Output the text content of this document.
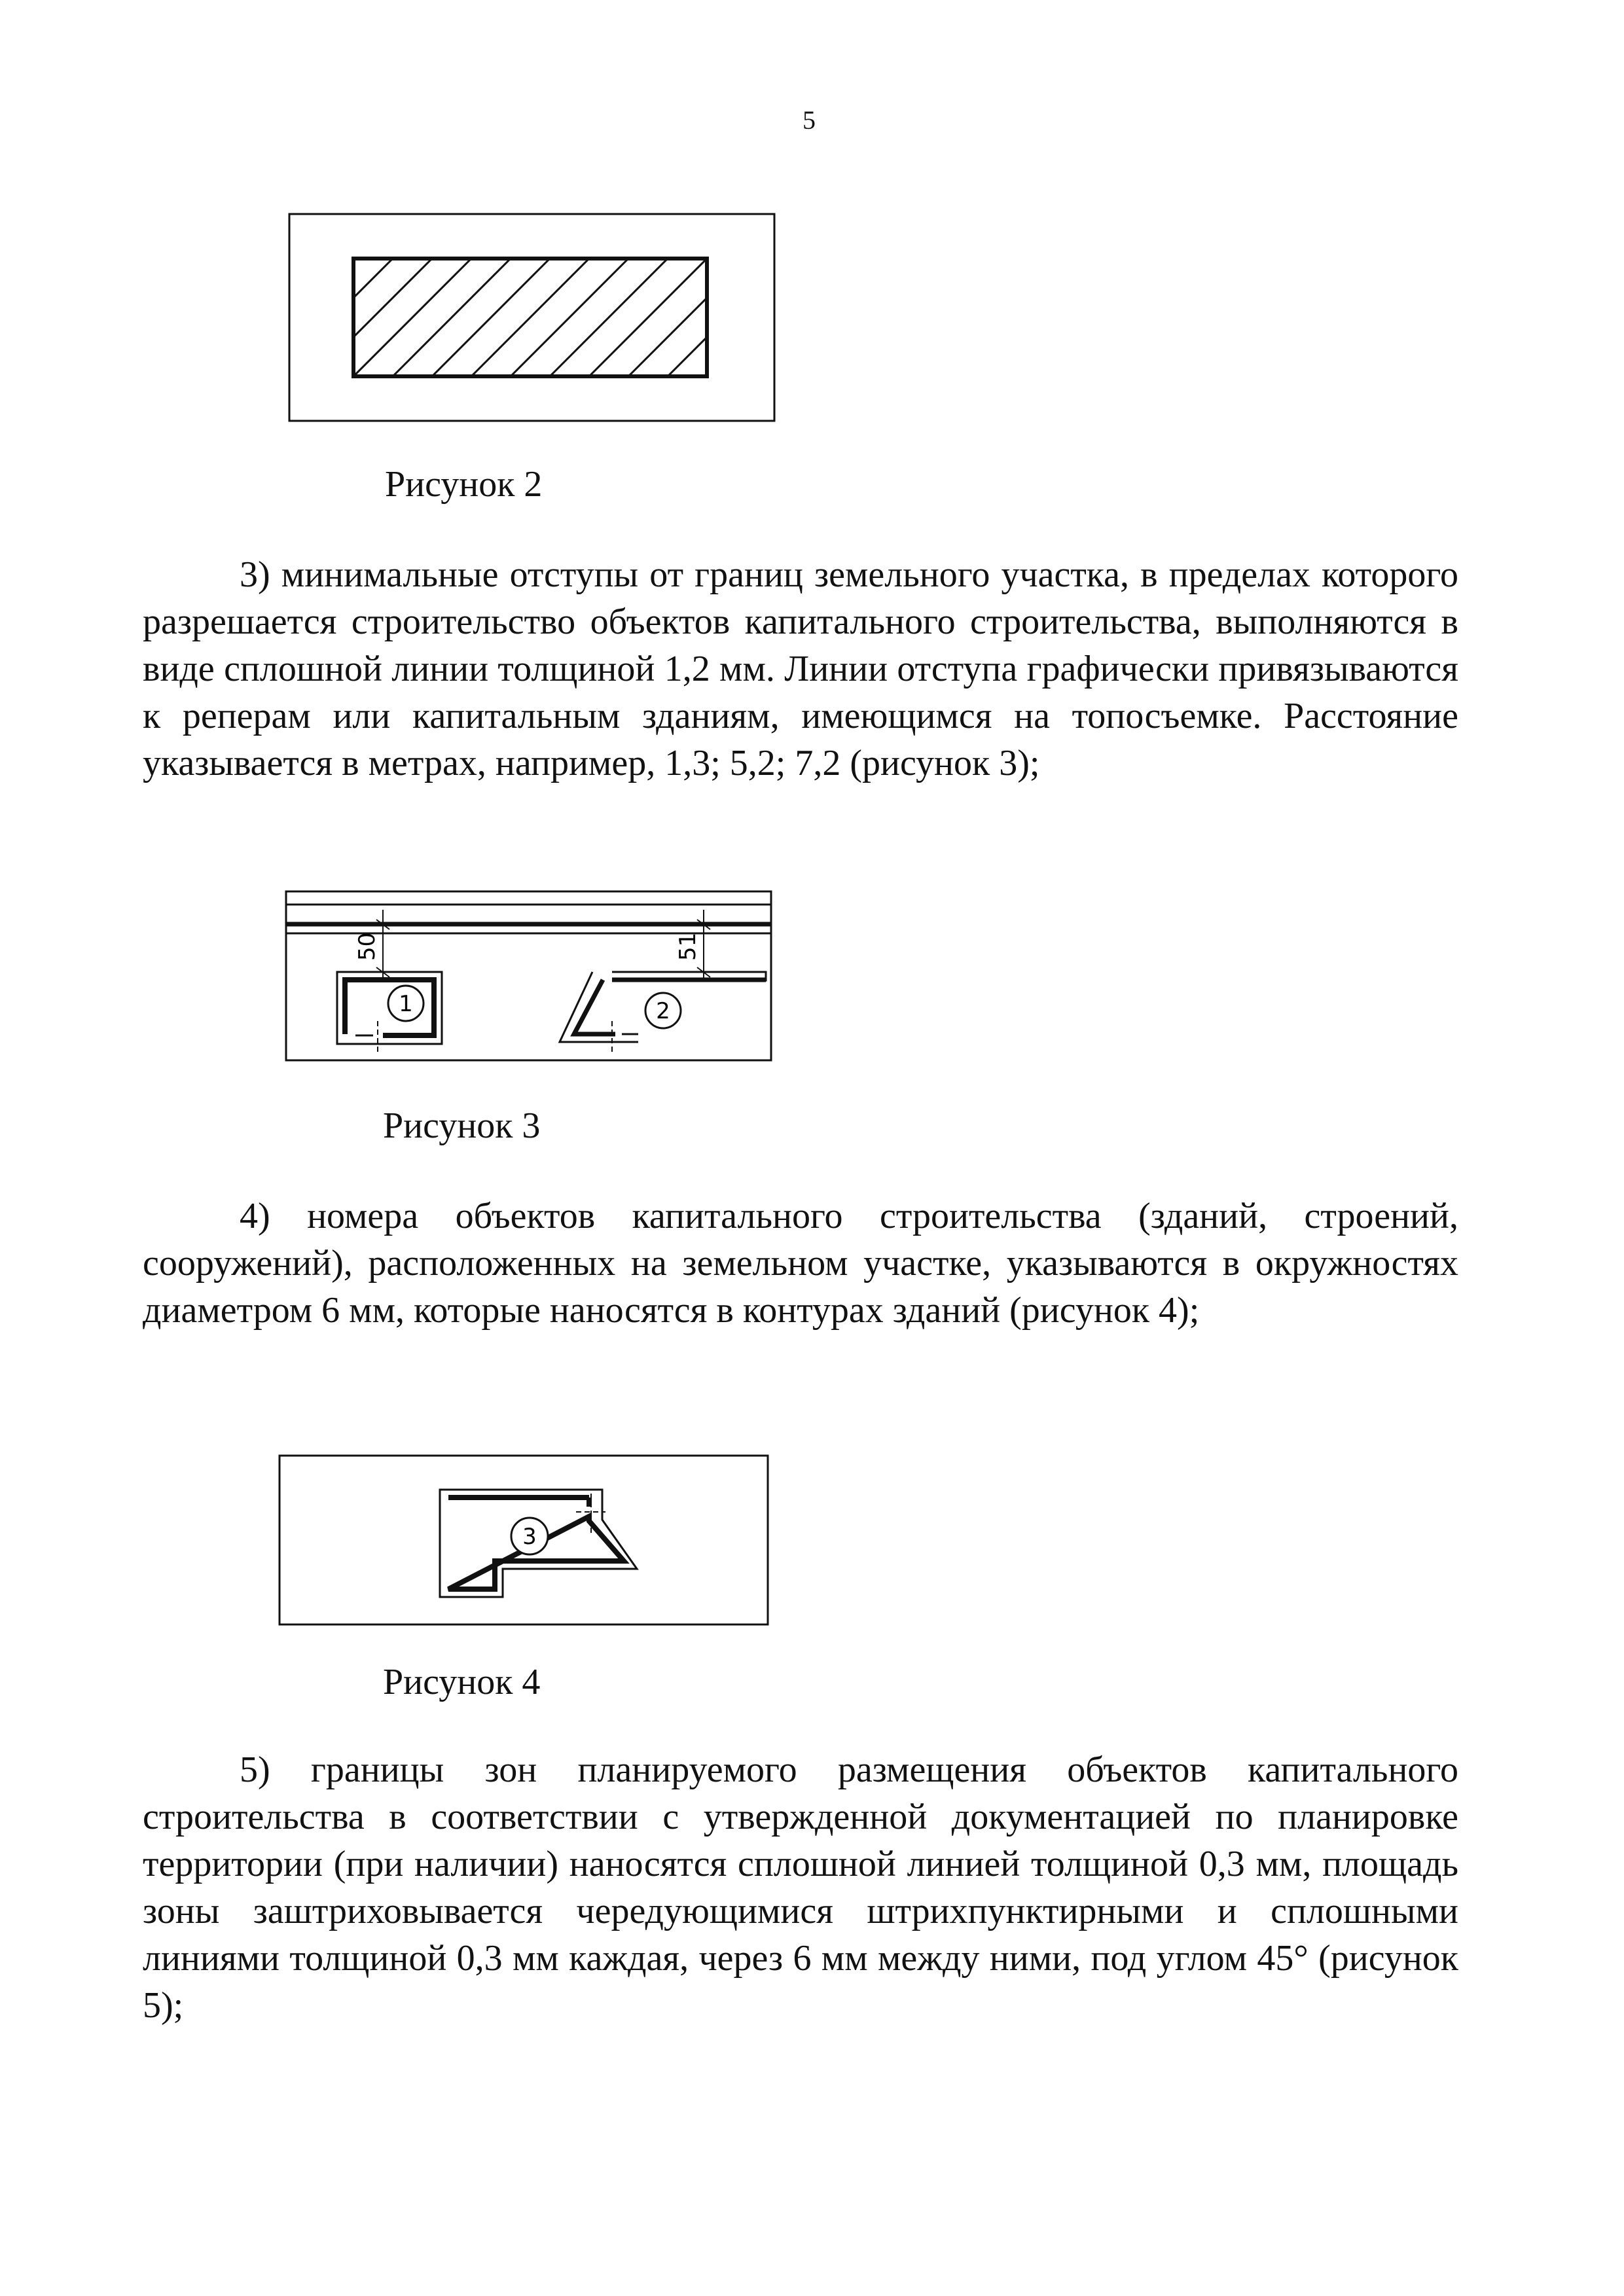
5
Рисунок 2
3) минимальные отступы от границ земельного участка, в пределах которого разрешается строительство объектов капитального строительства, выполняются в виде сплошной линии толщиной 1,2 мм. Линии отступа графически привязываются к реперам или капитальным зданиям, имеющимся на топосъемке. Расстояние указывается в метрах, например, 1,3; 5,2; 7,2 (рисунок 3);
1
50
2
51
Рисунок 3
4) номера объектов капитального строительства (зданий, строений, сооружений), расположенных на земельном участке, указываются в окружностях диаметром 6 мм, которые наносятся в контурах зданий (рисунок 4);
3
Рисунок 4
5) границы зон планируемого размещения объектов капитального строительства в соответствии с утвержденной документацией по планировке территории (при наличии) наносятся сплошной линией толщиной 0,3 мм, площадь зоны заштриховывается чередующимися штрихпунктирными и сплошными линиями толщиной 0,3 мм каждая, через 6 мм между ними, под углом 45° (рисунок 5);
